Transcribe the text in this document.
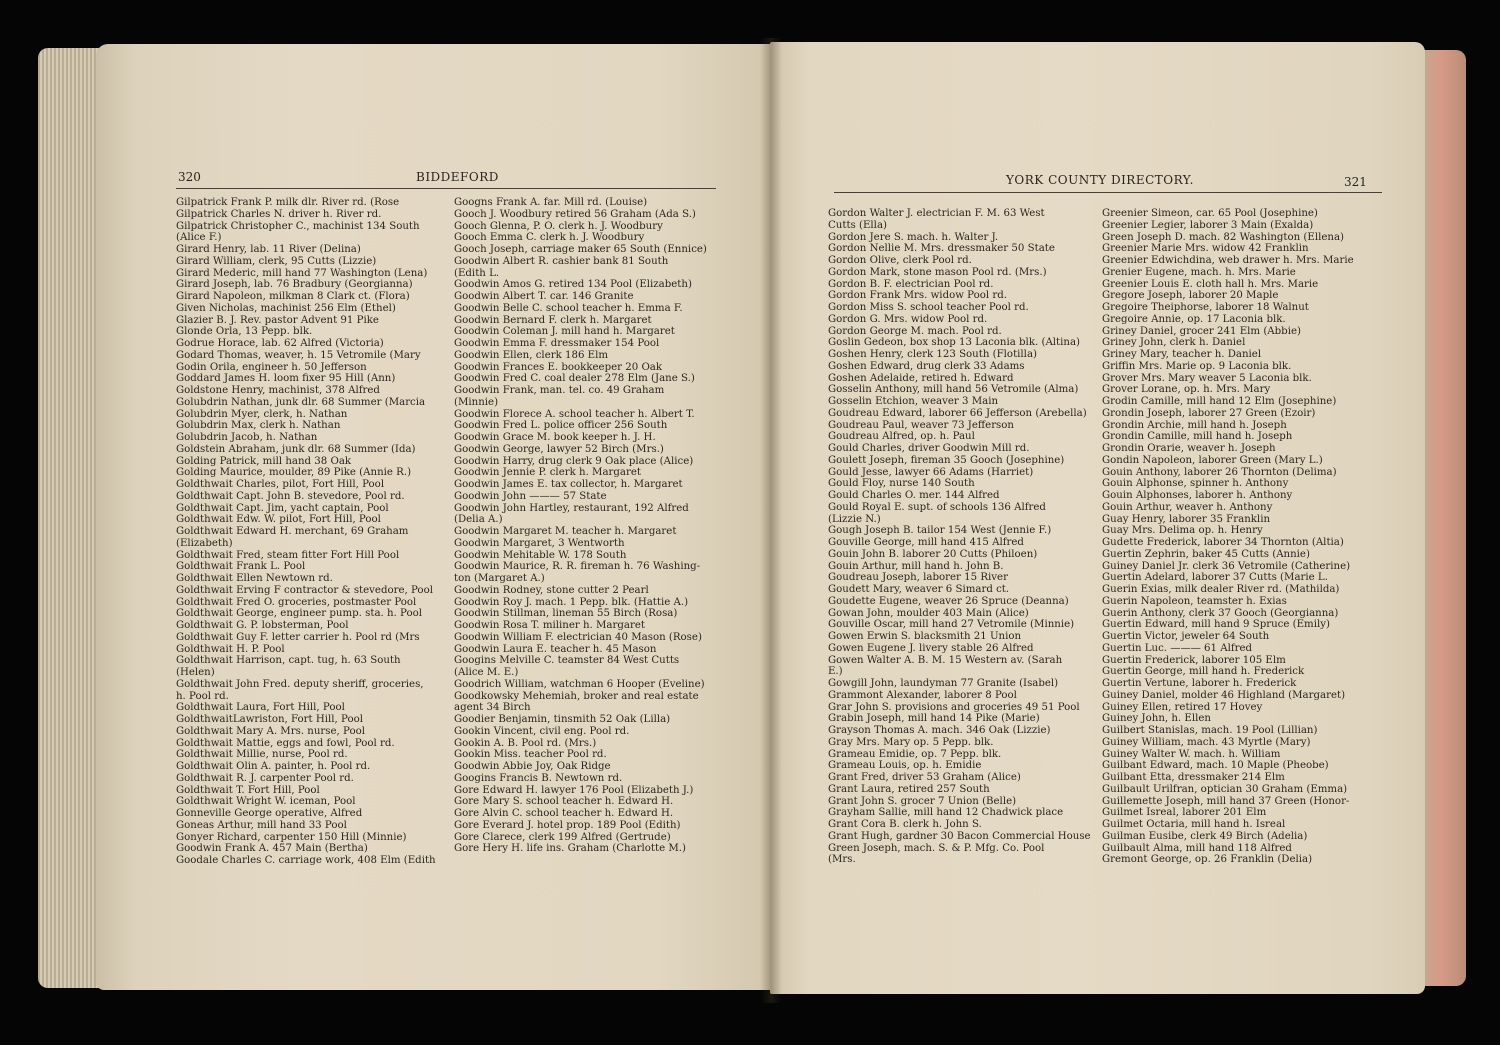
320	BIDDEFORD
Gilpatrick Frank P. milk dlr. River rd. (Rose
Gilpatrick Charles N. driver h. River rd.
Gilpatrick Christopher C., machinist 134 South
(Alice F.)
Girard Henry, lab. 11 River (Delina)
Girard William, clerk, 95 Cutts (Lizzie)
Girard Mederic, mill hand 77 Washington (Lena)
Girard Joseph, lab. 76 Bradbury (Georgianna)
Girard Napoleon, milkman 8 Clark ct. (Flora)
Given Nicholas, machinist 256 Elm (Ethel)
Glazier B. J. Rev. pastor Advent 91 Pike
Glonde Orla, 13 Pepp. blk.
Godrue Horace, lab. 62 Alfred (Victoria)
Godard Thomas, weaver, h. 15 Vetromile (Mary
Godin Orila, engineer h. 50 Jefferson
Goddard James H. loom fixer 95 Hill (Ann)
Goldstone Henry, machinist, 378 Alfred
Golubdrin Nathan, junk dlr. 68 Summer (Marcia
Golubdrin Myer, clerk, h. Nathan
Golubdrin Max, clerk h. Nathan
Golubdrin Jacob, h. Nathan
Goldstein Abraham, junk dlr. 68 Summer (Ida)
Golding Patrick, mill hand 38 Oak
Golding Maurice, moulder, 89 Pike (Annie R.)
Goldthwait Charles, pilot, Fort Hill, Pool
Goldthwait Capt. John B. stevedore, Pool rd.
Goldthwait Capt. Jim, yacht captain, Pool
Goldthwait Edw. W. pilot, Fort Hill, Pool
Goldthwait Edward H. merchant, 69 Graham
(Elizabeth)
Goldthwait Fred, steam fitter Fort Hill Pool
Goldthwait Frank L. Pool
Goldthwait Ellen Newtown rd.
Goldthwait Erving F contractor & stevedore, Pool
Goldthwait Fred O. groceries, postmaster Pool
Goldthwait George, engineer pump. sta. h. Pool
Goldthwait G. P. lobsterman, Pool
Goldthwait Guy F. letter carrier h. Pool rd (Mrs
Goldthwait H. P. Pool
Goldthwait Harrison, capt. tug, h. 63 South
(Helen)
Goldthwait John Fred. deputy sheriff, groceries,
h. Pool rd.
Goldthwait Laura, Fort Hill, Pool
GoldthwaitLawriston, Fort Hill, Pool
Goldthwait Mary A. Mrs. nurse, Pool
Goldthwait Mattie, eggs and fowl, Pool rd.
Goldthwait Millie, nurse, Pool rd.
Goldthwait Olin A. painter, h. Pool rd.
Goldthwait R. J. carpenter Pool rd.
Goldthwait T. Fort Hill, Pool
Goldthwait Wright W. iceman, Pool
Gonneville George operative, Alfred
Goneas Arthur, mill hand 33 Pool
Gonyer Richard, carpenter 150 Hill (Minnie)
Goodwin Frank A. 457 Main (Bertha)
Goodale Charles C. carriage work, 408 Elm (Edith
Googns Frank A. far. Mill rd. (Louise)
Gooch J. Woodbury retired 56 Graham (Ada S.)
Gooch Glenna, P. O. clerk h. J. Woodbury
Gooch Emma C. clerk h. J. Woodbury
Gooch Joseph, carriage maker 65 South (Ennice)
Goodwin Albert R. cashier bank 81 South
(Edith L.
Goodwin Amos G. retired 134 Pool (Elizabeth)
Goodwin Albert T. car. 146 Granite
Goodwin Belle C. school teacher h. Emma F.
Goodwin Bernard F. clerk h. Margaret
Goodwin Coleman J. mill hand h. Margaret
Goodwin Emma F. dressmaker 154 Pool
Goodwin Ellen, clerk 186 Elm
Goodwin Frances E. bookkeeper 20 Oak
Goodwin Fred C. coal dealer 278 Elm (Jane S.)
Goodwin Frank, man. tel. co. 49 Graham
(Minnie)
Goodwin Florece A. school teacher h. Albert T.
Goodwin Fred L. police officer 256 South
Goodwin Grace M. book keeper h. J. H.
Goodwin George, lawyer 52 Birch (Mrs.)
Goodwin Harry, drug clerk 9 Oak place (Alice)
Goodwin Jennie P. clerk h. Margaret
Goodwin James E. tax collector, h. Margaret
Goodwin John ——— 57 State
Goodwin John Hartley, restaurant, 192 Alfred
(Delia A.)
Goodwin Margaret M. teacher h. Margaret
Goodwin Margaret, 3 Wentworth
Goodwin Mehitable W. 178 South
Goodwin Maurice, R. R. fireman h. 76 Washing-
ton (Margaret A.)
Goodwin Rodney, stone cutter 2 Pearl
Goodwin Roy J. mach. 1 Pepp. blk. (Hattie A.)
Goodwin Stillman, lineman 55 Birch (Rosa)
Goodwin Rosa T. miliner h. Margaret
Goodwin William F. electrician 40 Mason (Rose)
Goodwin Laura E. teacher h. 45 Mason
Googins Melville C. teamster 84 West Cutts
(Alice M. E.)
Goodrich William, watchman 6 Hooper (Eveline)
Goodkowsky Mehemiah, broker and real estate
agent 34 Birch
Goodier Benjamin, tinsmith 52 Oak (Lilla)
Gookin Vincent, civil eng. Pool rd.
Gookin A. B. Pool rd. (Mrs.)
Gookin Miss. teacher Pool rd.
Goodwin Abbie Joy, Oak Ridge
Googins Francis B. Newtown rd.
Gore Edward H. lawyer 176 Pool (Elizabeth J.)
Gore Mary S. school teacher h. Edward H.
Gore Alvin C. school teacher h. Edward H.
Gore Everard J. hotel prop. 189 Pool (Edith)
Gore Clarece, clerk 199 Alfred (Gertrude)
Gore Hery H. life ins. Graham (Charlotte M.)
YORK COUNTY DIRECTORY.	321
Gordon Walter J. electrician F. M. 63 West
Cutts (Ella)
Gordon Jere S. mach. h. Walter J.
Gordon Nellie M. Mrs. dressmaker 50 State
Gordon Olive, clerk Pool rd.
Gordon Mark, stone mason Pool rd. (Mrs.)
Gordon B. F. electrician Pool rd.
Gordon Frank Mrs. widow Pool rd.
Gordon Miss S. school teacher Pool rd.
Gordon G. Mrs. widow Pool rd.
Gordon George M. mach. Pool rd.
Goslin Gedeon, box shop 13 Laconia blk. (Altina)
Goshen Henry, clerk 123 South (Flotilla)
Goshen Edward, drug clerk 33 Adams
Goshen Adelaide, retired h. Edward
Gosselin Anthony, mill hand 56 Vetromile (Alma)
Gosselin Etchion, weaver 3 Main
Goudreau Edward, laborer 66 Jefferson (Arebella)
Goudreau Paul, weaver 73 Jefferson
Goudreau Alfred, op. h. Paul
Gould Charles, driver Goodwin Mill rd.
Goulett Joseph, fireman 35 Gooch (Josephine)
Gould Jesse, lawyer 66 Adams (Harriet)
Gould Floy, nurse 140 South
Gould Charles O. mer. 144 Alfred
Gould Royal E. supt. of schools 136 Alfred
(Lizzie N.)
Gough Joseph B. tailor 154 West (Jennie F.)
Gouville George, mill hand 415 Alfred
Gouin John B. laborer 20 Cutts (Philoen)
Gouin Arthur, mill hand h. John B.
Goudreau Joseph, laborer 15 River
Goudett Mary, weaver 6 Simard ct.
Goudette Eugene, weaver 26 Spruce (Deanna)
Gowan John, moulder 403 Main (Alice)
Gouville Oscar, mill hand 27 Vetromile (Minnie)
Gowen Erwin S. blacksmith 21 Union
Gowen Eugene J. livery stable 26 Alfred
Gowen Walter A. B. M. 15 Western av. (Sarah
E.)
Gowgill John, laundyman 77 Granite (Isabel)
Grammont Alexander, laborer 8 Pool
Grar John S. provisions and groceries 49 51 Pool
Grabin Joseph, mill hand 14 Pike (Marie)
Grayson Thomas A. mach. 346 Oak (Lizzie)
Gray Mrs. Mary op. 5 Pepp. blk.
Grameau Emidie, op. 7 Pepp. blk.
Grameau Louis, op. h. Emidie
Grant Fred, driver 53 Graham (Alice)
Grant Laura, retired 257 South
Grant John S. grocer 7 Union (Belle)
Grayham Sallie, mill hand 12 Chadwick place
Grant Cora B. clerk h. John S.
Grant Hugh, gardner 30 Bacon Commercial House
Green Joseph, mach. S. & P. Mfg. Co. Pool
(Mrs.
Greenier Simeon, car. 65 Pool (Josephine)
Greenier Legier, laborer 3 Main (Exalda)
Green Joseph D. mach. 82 Washington (Ellena)
Greenier Marie Mrs. widow 42 Franklin
Greenier Edwichdina, web drawer h. Mrs. Marie
Grenier Eugene, mach. h. Mrs. Marie
Greenier Louis E. cloth hall h. Mrs. Marie
Gregore Joseph, laborer 20 Maple
Gregoire Theiphorse, laborer 18 Walnut
Gregoire Annie, op. 17 Laconia blk.
Griney Daniel, grocer 241 Elm (Abbie)
Griney John, clerk h. Daniel
Griney Mary, teacher h. Daniel
Griffin Mrs. Marie op. 9 Laconia blk.
Grover Mrs. Mary weaver 5 Laconia blk.
Grover Lorane, op. h. Mrs. Mary
Grodin Camille, mill hand 12 Elm (Josephine)
Grondin Joseph, laborer 27 Green (Ezoir)
Grondin Archie, mill hand h. Joseph
Grondin Camille, mill hand h. Joseph
Grondin Orarie, weaver h. Joseph
Gondin Napoleon, laborer Green (Mary L.)
Gouin Anthony, laborer 26 Thornton (Delima)
Gouin Alphonse, spinner h. Anthony
Gouin Alphonses, laborer h. Anthony
Gouin Arthur, weaver h. Anthony
Guay Henry, laborer 35 Franklin
Guay Mrs. Delima op. h. Henry
Gudette Frederick, laborer 34 Thornton (Altia)
Guertin Zephrin, baker 45 Cutts (Annie)
Guiney Daniel Jr. clerk 36 Vetromile (Catherine)
Guertin Adelard, laborer 37 Cutts (Marie L.
Guerin Exias, milk dealer River rd. (Mathilda)
Guerin Napoleon, teamster h. Exias
Guerin Anthony, clerk 37 Gooch (Georgianna)
Guertin Edward, mill hand 9 Spruce (Emily)
Guertin Victor, jeweler 64 South
Guertin Luc. ——— 61 Alfred
Guertin Frederick, laborer 105 Elm
Guertin George, mill hand h. Frederick
Guertin Vertune, laborer h. Frederick
Guiney Daniel, molder 46 Highland (Margaret)
Guiney Ellen, retired 17 Hovey
Guiney John, h. Ellen
Guilbert Stanislas, mach. 19 Pool (Lillian)
Guiney William, mach. 43 Myrtle (Mary)
Guiney Walter W. mach. h. William
Guilbant Edward, mach. 10 Maple (Pheobe)
Guilbant Etta, dressmaker 214 Elm
Guilbault Urilfran, optician 30 Graham (Emma)
Guillemette Joseph, mill hand 37 Green (Honor-
Guilmet Isreal, laborer 201 Elm
Guilmet Octaria, mill hand h. Isreal
Guilman Eusibe, clerk 49 Birch (Adelia)
Guilbault Alma, mill hand 118 Alfred
Gremont George, op. 26 Franklin (Delia)
